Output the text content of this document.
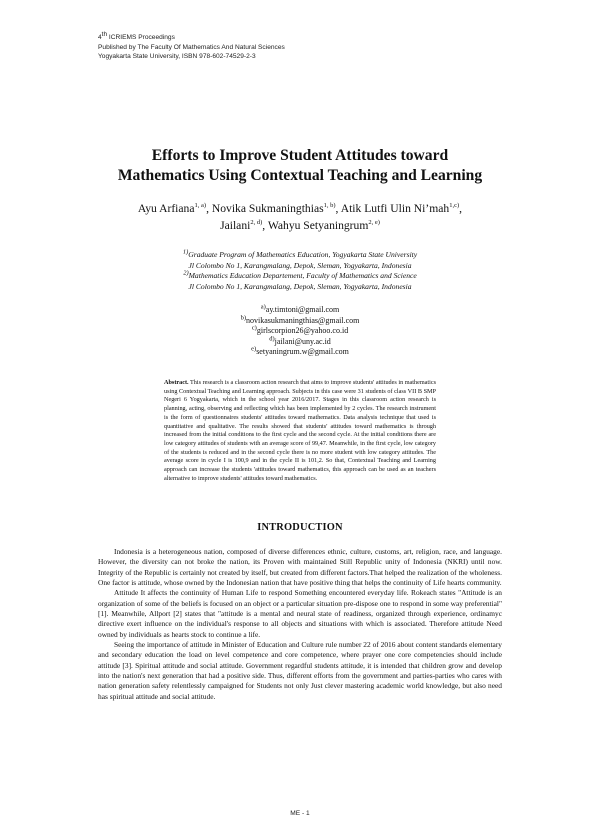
4th ICRIEMS Proceedings
Published by The Faculty Of Mathematics And Natural Sciences
Yogyakarta State University, ISBN 978-602-74529-2-3
Efforts to Improve Student Attitudes toward
Mathematics Using Contextual Teaching and Learning
Ayu Arfiana$^{1, a)}$, Novika Sukmaningthias$^{1, b)}$, Atik Lutfi Ulin Ni’mah$^{1,c)}$,
Jailani$^{2, d)}$, Wahyu Setyaningrum$^{2, e)}$
$^{1)}$Graduate Program of Mathematics Education, Yogyakarta State University
Jl Colombo No 1, Karangmalang, Depok, Sleman, Yogyakarta, Indonesia
$^{2)}$Mathematics Education Departement, Faculty of Mathematics and Science
Jl Colombo No 1, Karangmalang, Depok, Sleman, Yogyakarta, Indonesia
$^{a)}$ay.timtoni@gmail.com
$^{b)}$novikasukmaningthias@gmail.com
$^{c)}$girlscorpion26@yahoo.co.id
$^{d)}$jailani@uny.ac.id
$^{e)}$setyaningrum.w@gmail.com
Abstract. This research is a classroom action research that aims to improve students' attitudes in mathematics using Contextual Teaching and Learning approach. Subjects in this case were 31 students of class VII B SMP Negeri 6 Yogyakarta, which in the school year 2016/2017. Stages in this classroom action research is planning, acting, observing and reflecting which has been implemented by 2 cycles. The research instrument is the form of questionnaires students' attitudes toward mathematics. Data analysis technique that used is quantitative and qualitative. The results showed that students' attitudes toward mathematics is through increased from the initial conditions to the first cycle and the second cycle. At the initial conditions there are low category attitudes of students with an average score of 99,47. Meanwhile, in the first cycle, low category of the students is reduced and in the second cycle there is no more student with low category attitudes. The average score in cycle I is 100,9 and in the cycle II is 101,2. So that, Contextual Teaching and Learning approach can increase the students 'attitudes toward mathematics, this approach can be used as an teachers alternative to improve students' attitudes toward mathematics.
INTRODUCTION

Indonesia is a heterogeneous nation, composed of diverse differences ethnic, culture, customs, art, religion, race, and language. However, the diversity can not broke the nation, its Proven with maintained Still Republic unity of Indonesia (NKRI) until now. Integrity of the Republic is certainly not created by itself, but created from different factors.That helped the realization of the wholeness. One factor is attitude, whose owned by the Indonesian nation that have positive thing that helps the continuity of Life hearts community.

Attitude It affects the continuity of Human Life to respond Something encountered everyday life. Rokeach states "Attitude is an organization of some of the beliefs is focused on an object or a particular situation pre-dispose one to respond in some way preferential" [1]. Meanwhile, Allport [2] states that "attitude is a mental and neural state of readiness, organized through experience, ordinamyc directive exert influence on the individual's response to all objects and situations with which is associated. Therefore attitude Need owned by individuals as hearts stock to continue a life.

Seeing the importance of attitude in Minister of Education and Culture rule number 22 of 2016 about content standards elementary and secondary education the load on level competence and core competence, where prayer one core competencies should include attitude [3]. Spiritual attitude and social attitude. Government regardful students attitude, it is intended that children grow and develop into the nation's next generation that had a positive side. Thus, different efforts from the government and parties-parties who cares with nation generation safety relentlessly campaigned for Students not only Just clever mastering academic world knowledge, but also need has spiritual attitude and social attitude.

ME - 1
